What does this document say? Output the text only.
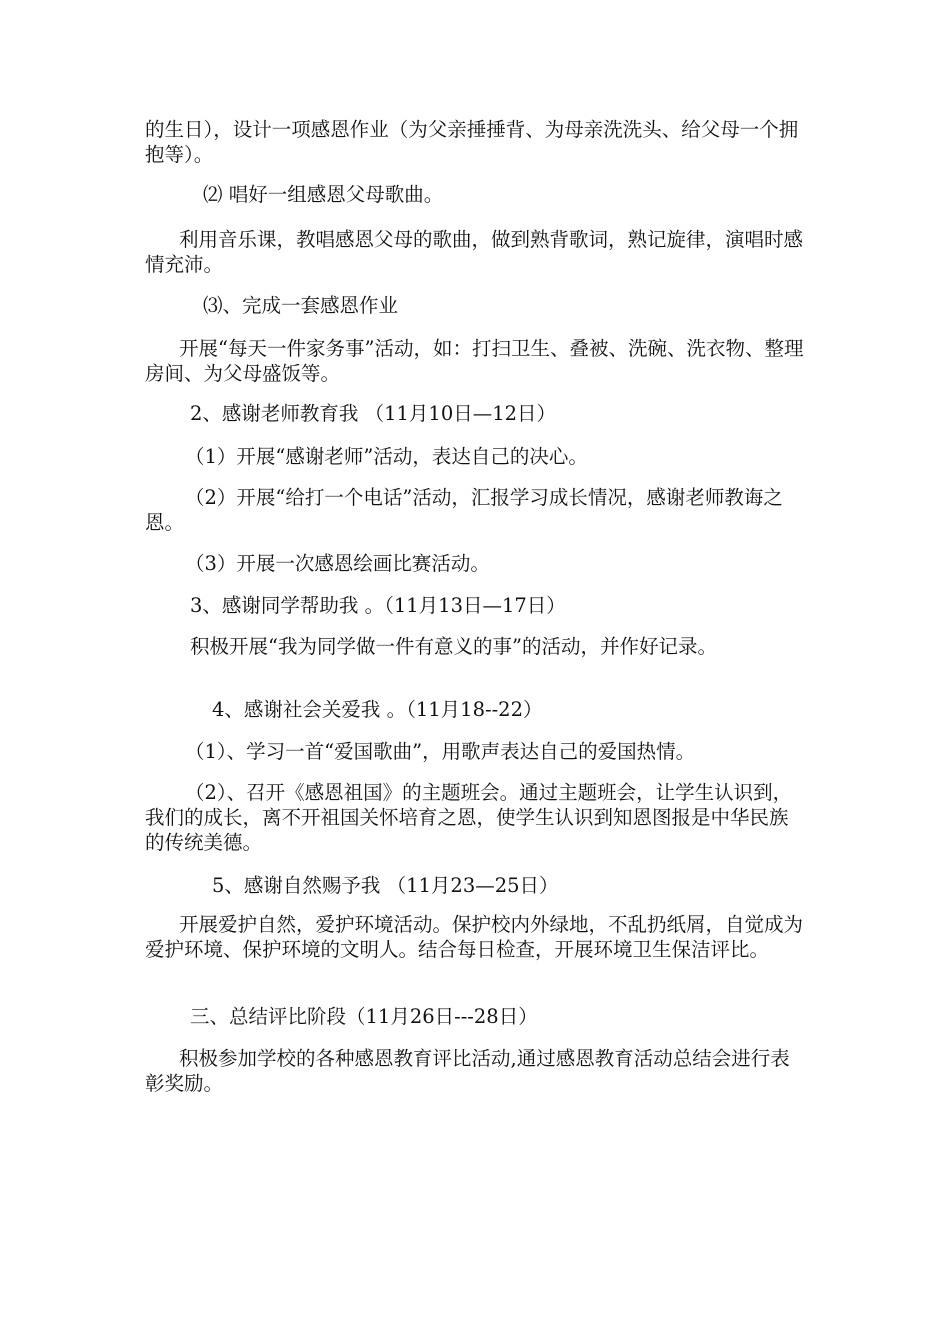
的生日），设计一项感恩作业（为父亲捶捶背、为母亲洗洗头、给父母一个拥抱等）。

⑵ 唱好一组感恩父母歌曲。

利用音乐课，教唱感恩父母的歌曲，做到熟背歌词，熟记旋律，演唱时感情充沛。

⑶、完成一套感恩作业

开展“每天一件家务事”活动，如：打扫卫生、叠被、洗碗、洗衣物、整理房间、为父母盛饭等。

2、感谢老师教育我 （11月10日—12日）

（1）开展“感谢老师”活动，表达自己的决心。

（2）开展“给打一个电话”活动，汇报学习成长情况，感谢老师教诲之恩。

（3）开展一次感恩绘画比赛活动。

3、感谢同学帮助我 。（11月13日—17日）

积极开展“我为同学做一件有意义的事”的活动，并作好记录。

4、感谢社会关爱我 。（11月18--22）

（1）、学习一首“爱国歌曲”，用歌声表达自己的爱国热情。

（2）、召开《感恩祖国》的主题班会。通过主题班会，让学生认识到，我们的成长，离不开祖国关怀培育之恩，使学生认识到知恩图报是中华民族的传统美德。

5、感谢自然赐予我 （11月23—25日）

开展爱护自然，爱护环境活动。保护校内外绿地，不乱扔纸屑，自觉成为爱护环境、保护环境的文明人。结合每日检查，开展环境卫生保洁评比。

三、总结评比阶段（11月26日---28日）

积极参加学校的各种感恩教育评比活动,通过感恩教育活动总结会进行表彰奖励。
